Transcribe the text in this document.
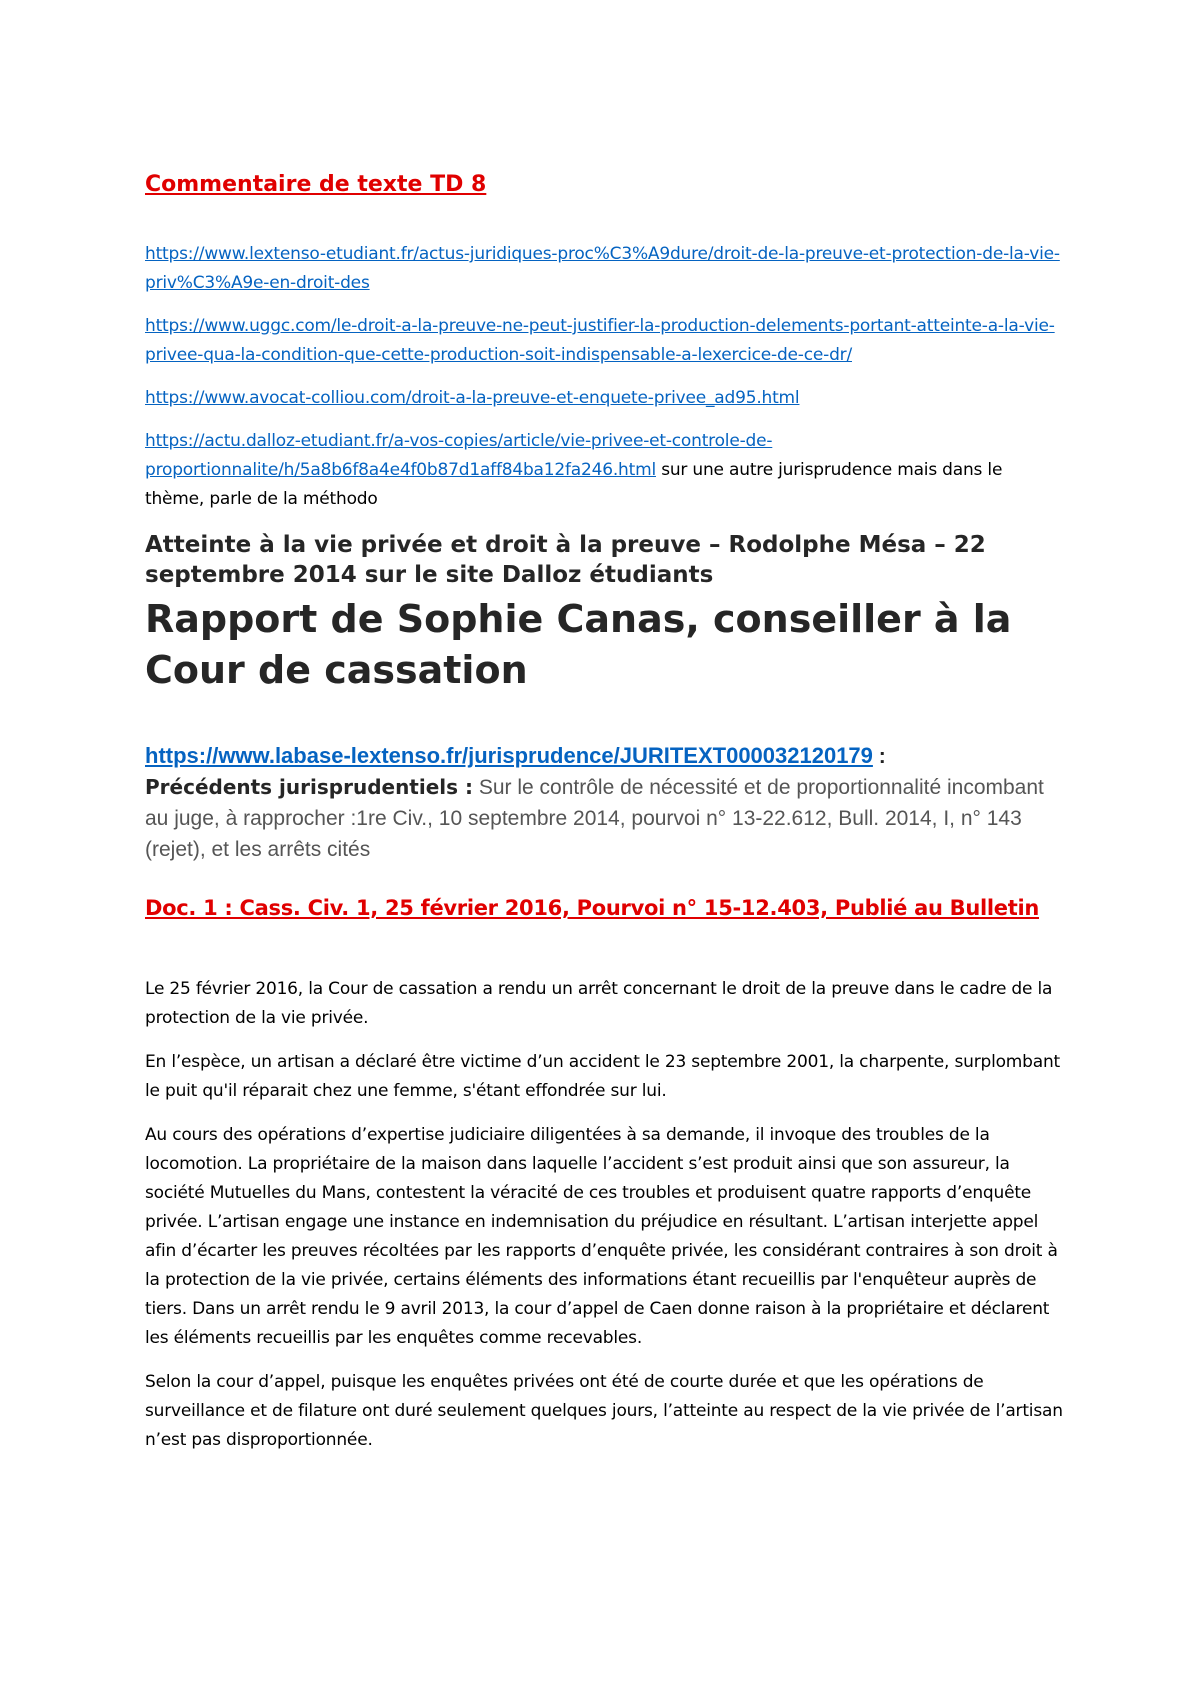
Commentaire de texte TD 8

https://www.lextenso-etudiant.fr/actus-juridiques-proc%C3%A9dure/droit-de-la-preuve-et-protection-de-la-vie-priv%C3%A9e-en-droit-des

https://www.uggc.com/le-droit-a-la-preuve-ne-peut-justifier-la-production-delements-portant-atteinte-a-la-vie-privee-qua-la-condition-que-cette-production-soit-indispensable-a-lexercice-de-ce-dr/

https://www.avocat-colliou.com/droit-a-la-preuve-et-enquete-privee_ad95.html

https://actu.dalloz-etudiant.fr/a-vos-copies/article/vie-privee-et-controle-de-proportionnalite/h/5a8b6f8a4e4f0b87d1aff84ba12fa246.html sur une autre jurisprudence mais dans le thème, parle de la méthodo

Atteinte à la vie privée et droit à la preuve – Rodolphe Mésa – 22 septembre 2014 sur le site Dalloz étudiants

Rapport de Sophie Canas, conseiller à la Cour de cassation

https://www.labase-lextenso.fr/jurisprudence/JURITEXT000032120179 :
Précédents jurisprudentiels : Sur le contrôle de nécessité et de proportionnalité incombant au juge, à rapprocher :1re Civ., 10 septembre 2014, pourvoi n° 13-22.612, Bull. 2014, I, n° 143 (rejet), et les arrêts cités

Doc. 1 : Cass. Civ. 1, 25 février 2016, Pourvoi n° 15-12.403, Publié au Bulletin

Le 25 février 2016, la Cour de cassation a rendu un arrêt concernant le droit de la preuve dans le cadre de la protection de la vie privée.

En l’espèce, un artisan a déclaré être victime d’un accident le 23 septembre 2001, la charpente, surplombant le puit qu'il réparait chez une femme, s'étant effondrée sur lui.

Au cours des opérations d’expertise judiciaire diligentées à sa demande, il invoque des troubles de la locomotion. La propriétaire de la maison dans laquelle l’accident s’est produit ainsi que son assureur, la société Mutuelles du Mans, contestent la véracité de ces troubles et produisent quatre rapports d’enquête privée. L’artisan engage une instance en indemnisation du préjudice en résultant. L’artisan interjette appel afin d’écarter les preuves récoltées par les rapports d’enquête privée, les considérant contraires à son droit à la protection de la vie privée, certains éléments des informations étant recueillis par l'enquêteur auprès de tiers. Dans un arrêt rendu le 9 avril 2013, la cour d’appel de Caen donne raison à la propriétaire et déclarent les éléments recueillis par les enquêtes comme recevables.

Selon la cour d’appel, puisque les enquêtes privées ont été de courte durée et que les opérations de surveillance et de filature ont duré seulement quelques jours, l’atteinte au respect de la vie privée de l’artisan n’est pas disproportionnée.
